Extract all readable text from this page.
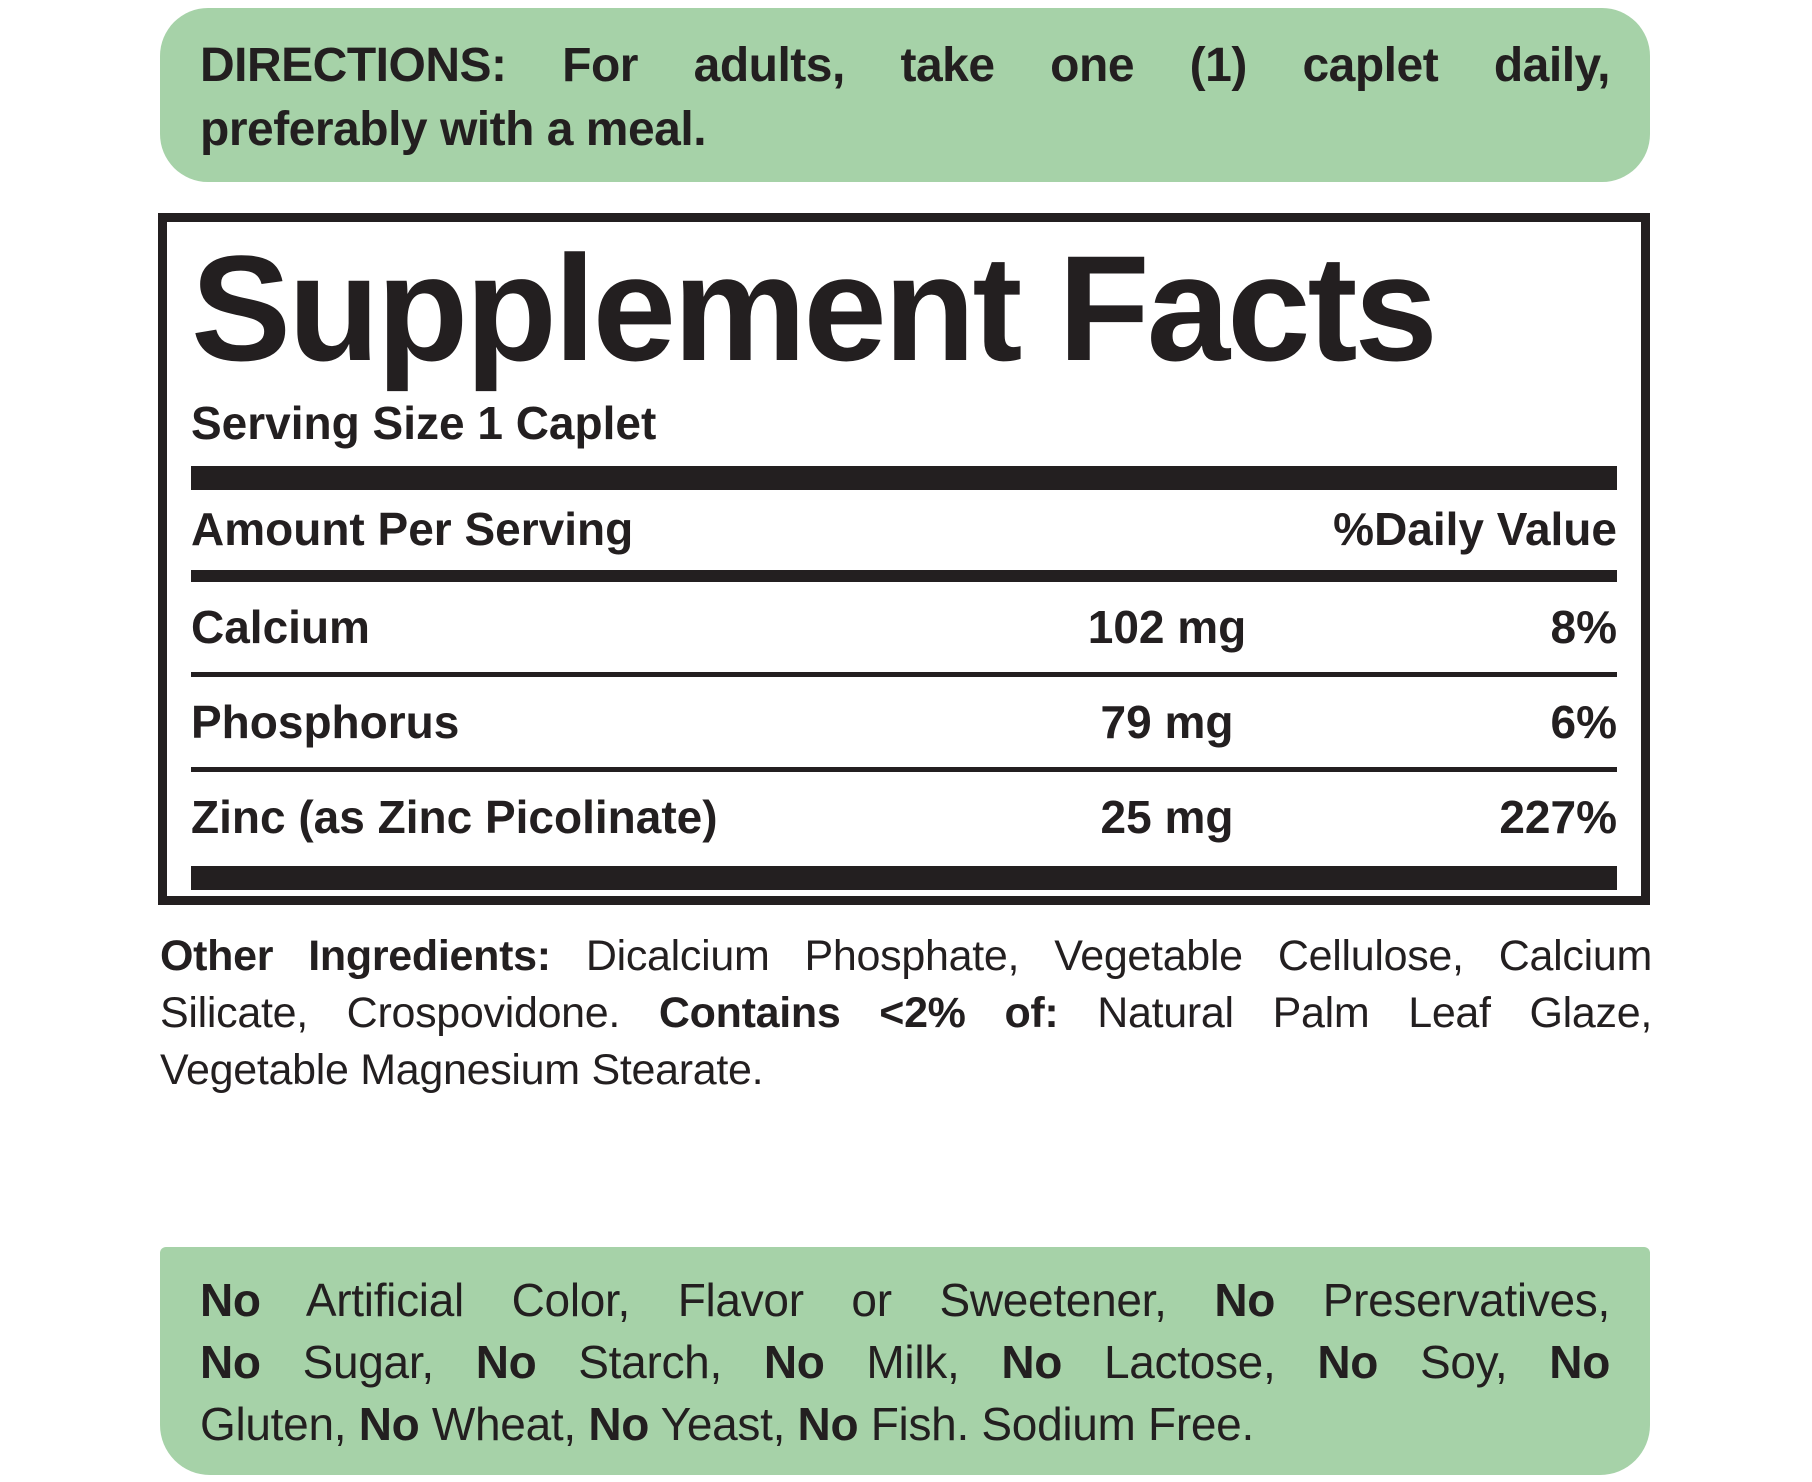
DIRECTIONS: For adults, take one (1) caplet daily,
preferably with a meal.
Supplement Facts
Serving Size 1 Caplet
Amount Per Serving	%Daily Value
Calcium	102 mg	8%
Phosphorus	79 mg	6%
Zinc (as Zinc Picolinate)	25 mg	227%
Other Ingredients: Dicalcium Phosphate, Vegetable Cellulose, Calcium
Silicate, Crospovidone. Contains <2% of: Natural Palm Leaf Glaze,
Vegetable Magnesium Stearate.
No Artificial Color, Flavor or Sweetener, No Preservatives,
No Sugar, No Starch, No Milk, No Lactose, No Soy, No
Gluten, No Wheat, No Yeast, No Fish. Sodium Free.
